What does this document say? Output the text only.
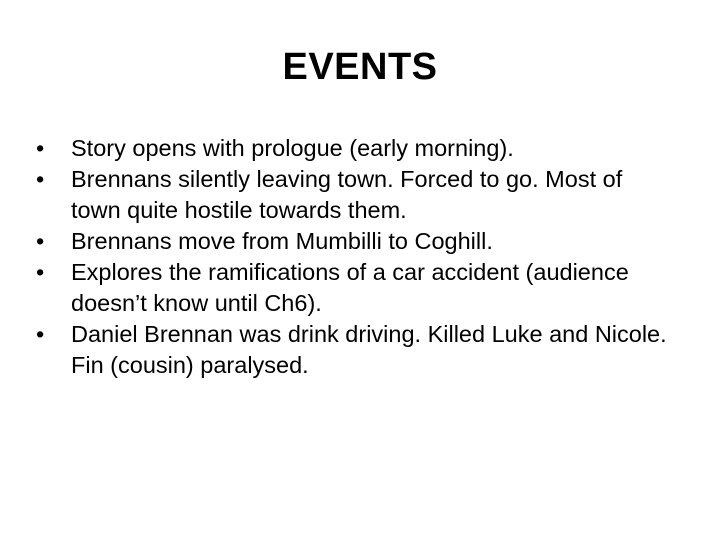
EVENTS
•	Story opens with prologue (early morning).
•	Brennans silently leaving town. Forced to go. Most of town quite hostile towards them.
•	Brennans move from Mumbilli to Coghill.
•	Explores the ramifications of a car accident (audience doesn’t know until Ch6).
•	Daniel Brennan was drink driving. Killed Luke and Nicole. Fin (cousin) paralysed.
